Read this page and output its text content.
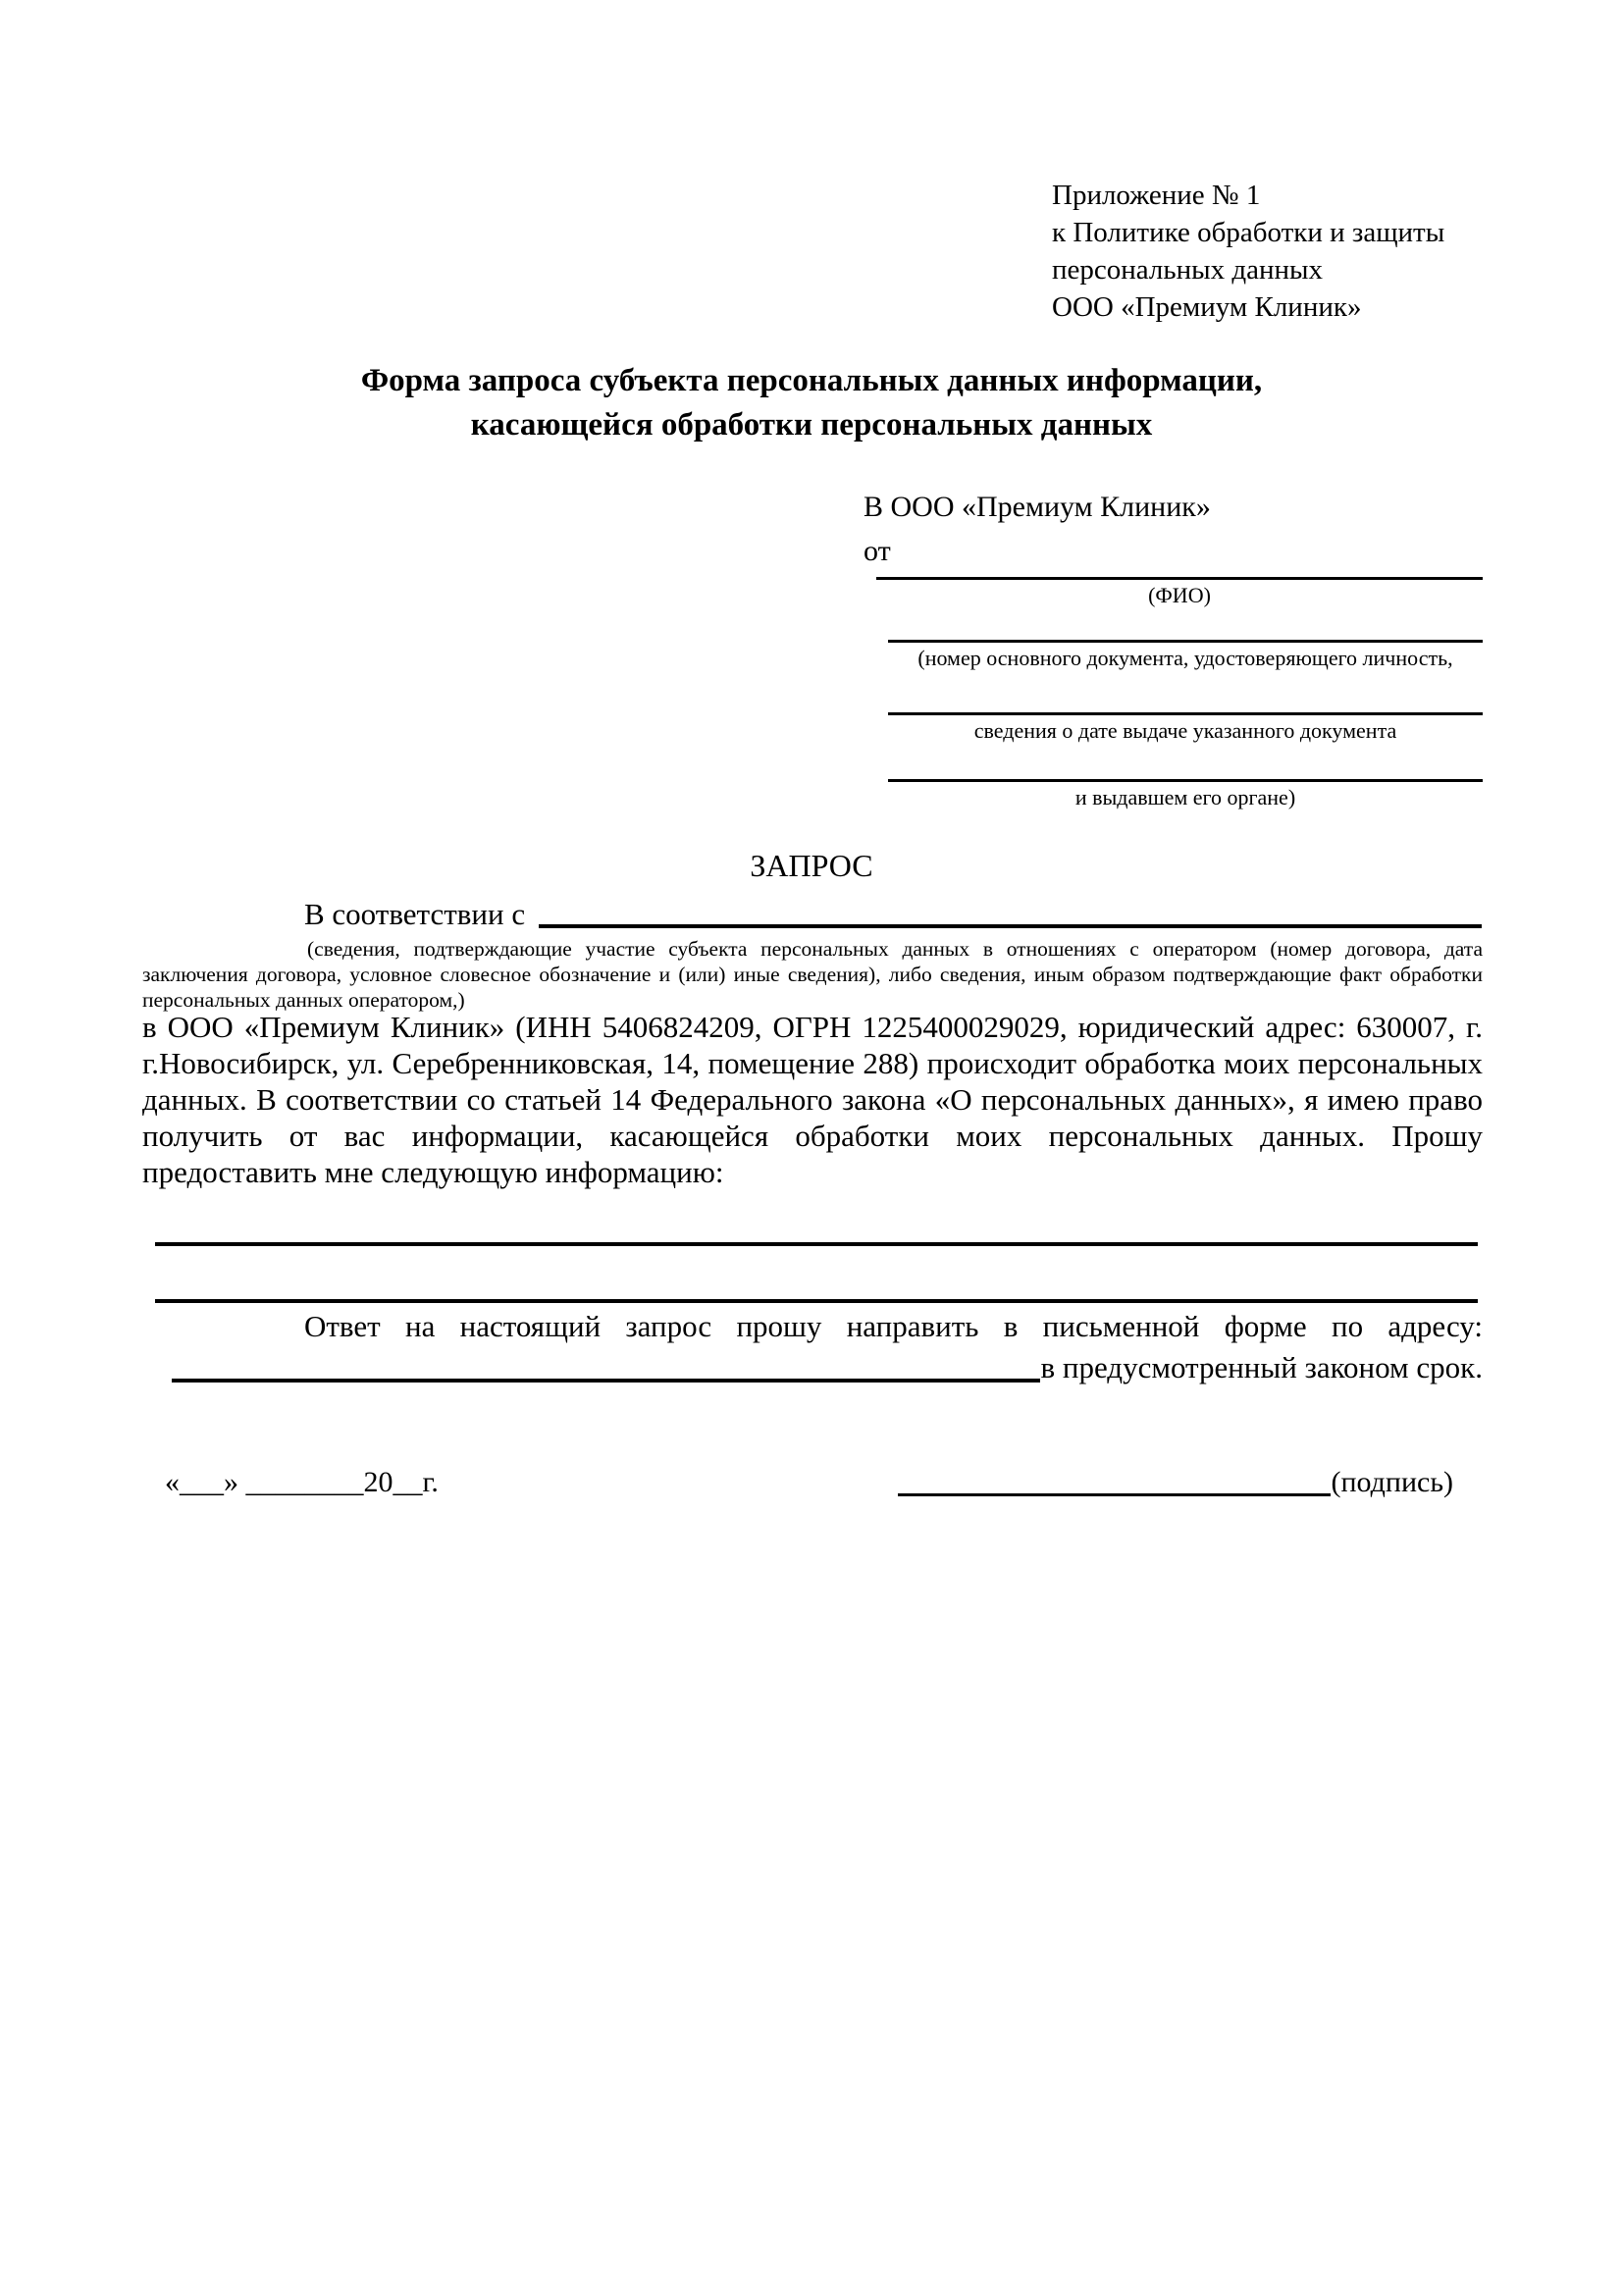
Приложение № 1
к Политике обработки и защиты
персональных данных
ООО «Премиум Клиник»
Форма запроса субъекта персональных данных информации,
касающейся обработки персональных данных
В ООО «Премиум Клиник»
от
(ФИО)
(номер основного документа, удостоверяющего личность,
сведения о дате выдаче указанного документа
и выдавшем его органе)
ЗАПРОС
В соответствии с

(сведения, подтверждающие участие субъекта персональных данных в отношениях с оператором (номер договора, дата заключения договора, условное словесное обозначение и (или) иные сведения), либо сведения, иным образом подтверждающие факт обработки персональных данных оператором,)

в ООО «Премиум Клиник» (ИНН 5406824209, ОГРН 1225400029029, юридический адрес: 630007, г. г.Новосибирск, ул. Серебренниковская, 14, помещение 288) происходит обработка моих персональных данных. В соответствии со статьей 14 Федерального закона «О персональных данных», я имею право получить от вас информации, касающейся обработки моих персональных данных. Прошу предоставить мне следующую информацию:

Ответ на настоящий запрос прошу направить в письменной форме по адресу:

в предусмотренный законом срок.
«___» ________20__г.	(подпись)
